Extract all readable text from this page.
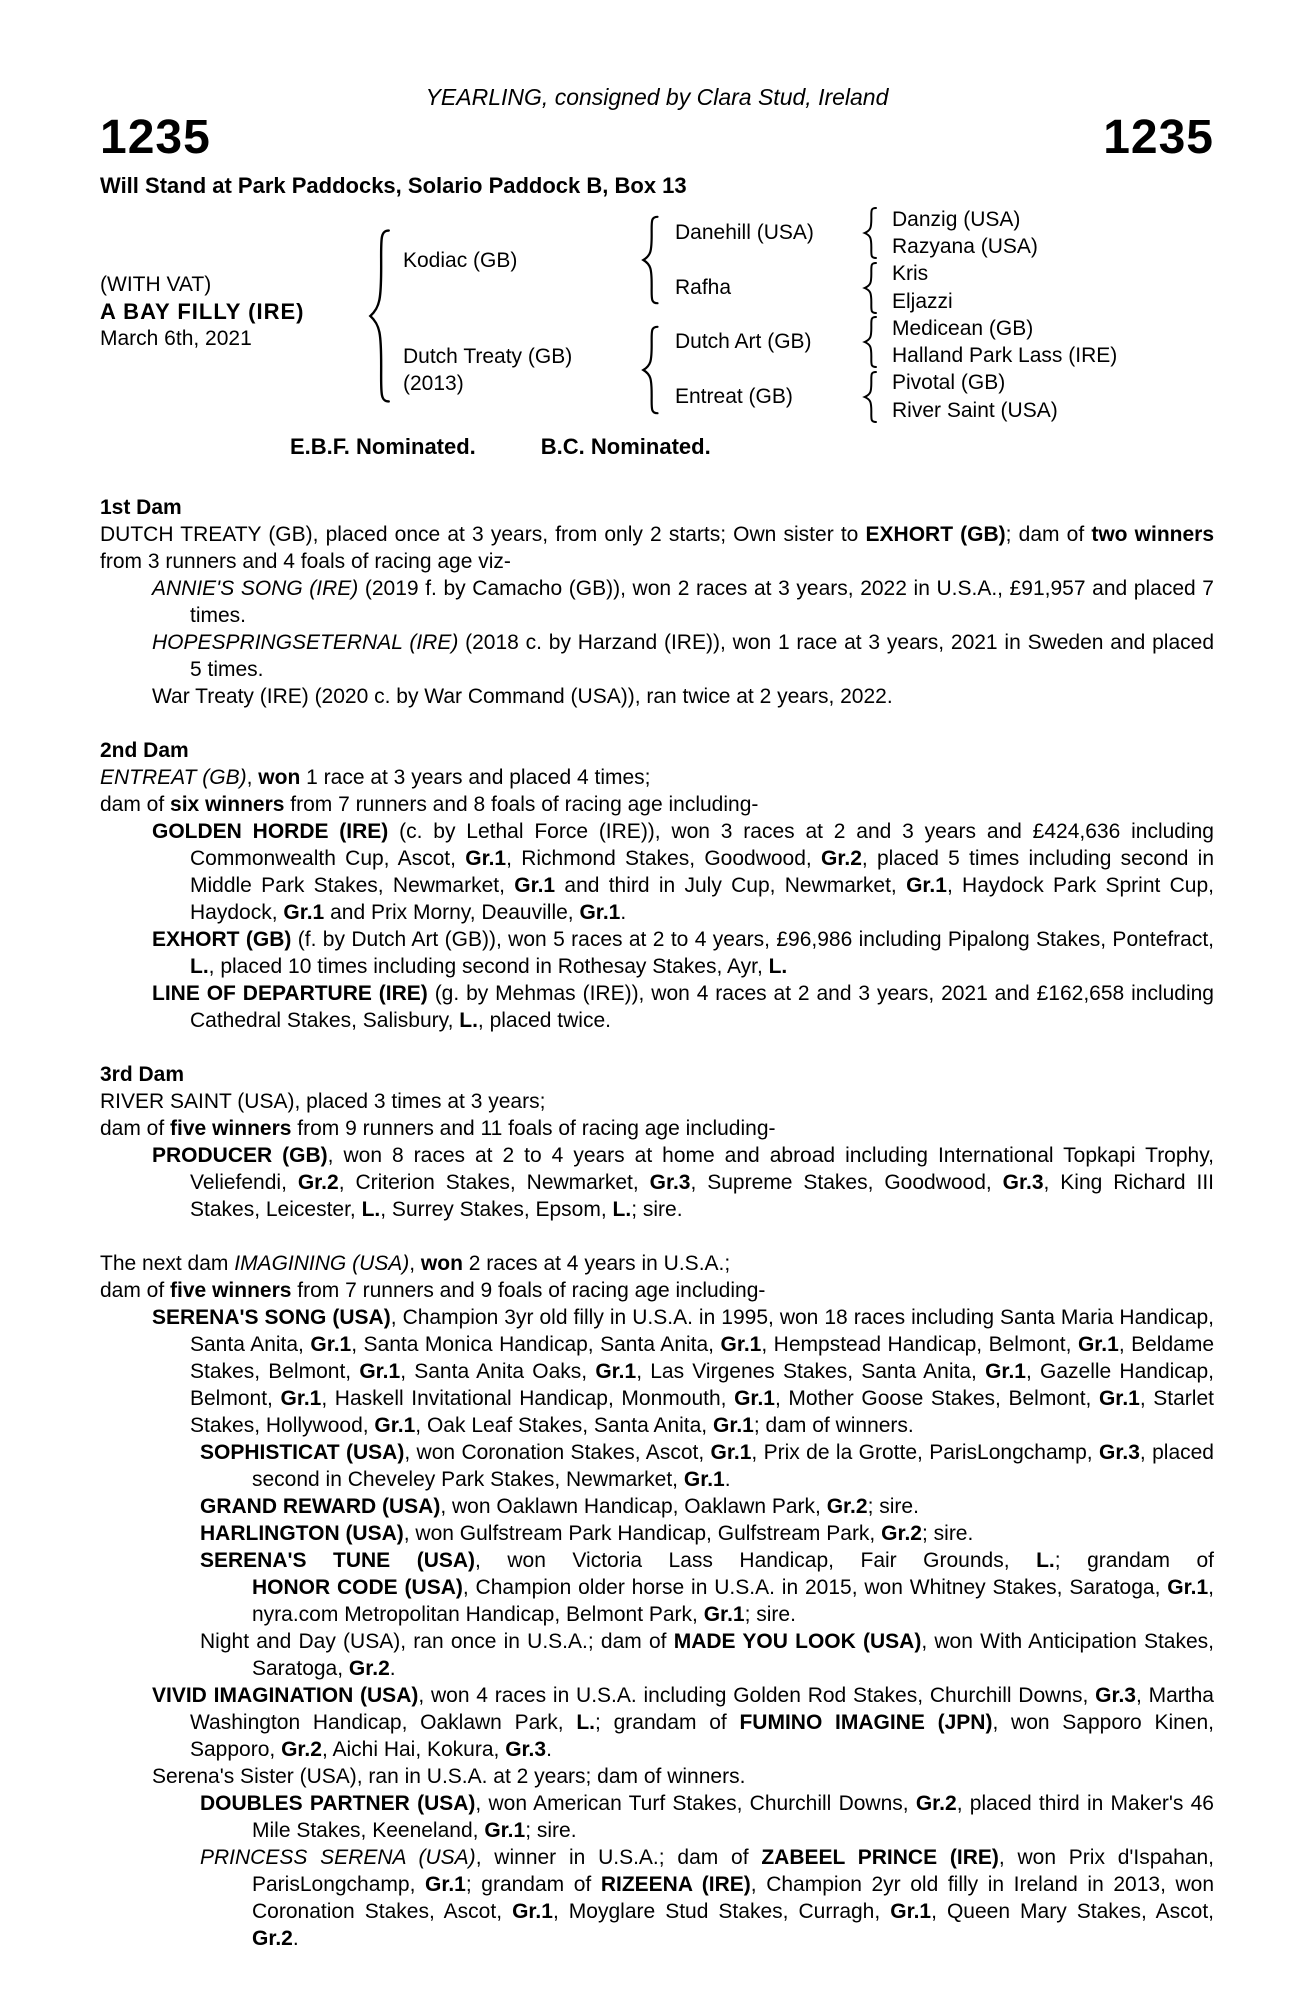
YEARLING, consigned by Clara Stud, Ireland
1235	1235
Will Stand at Park Paddocks, Solario Paddock B, Box 13
(WITH VAT)
A BAY FILLY (IRE)
March 6th, 2021
Kodiac (GB)
Dutch Treaty (GB)
(2013)
Danehill (USA)
Rafha
Dutch Art (GB)
Entreat (GB)
Danzig (USA)
Razyana (USA)
Kris
Eljazzi
Medicean (GB)
Halland Park Lass (IRE)
Pivotal (GB)
River Saint (USA)
E.B.F. Nominated.	B.C. Nominated.
1st Dam

DUTCH TREATY (GB), placed once at 3 years, from only 2 starts; Own sister to EXHORT (GB); dam of two winners from 3 runners and 4 foals of racing age viz-

ANNIE'S SONG (IRE) (2019 f. by Camacho (GB)), won 2 races at 3 years, 2022 in U.S.A., £91,957 and placed 7 times.

HOPESPRINGSETERNAL (IRE) (2018 c. by Harzand (IRE)), won 1 race at 3 years, 2021 in Sweden and placed 5 times.

War Treaty (IRE) (2020 c. by War Command (USA)), ran twice at 2 years, 2022.

2nd Dam

ENTREAT (GB), won 1 race at 3 years and placed 4 times;

dam of six winners from 7 runners and 8 foals of racing age including-

GOLDEN HORDE (IRE) (c. by Lethal Force (IRE)), won 3 races at 2 and 3 years and £424,636 including Commonwealth Cup, Ascot, Gr.1, Richmond Stakes, Goodwood, Gr.2, placed 5 times including second in Middle Park Stakes, Newmarket, Gr.1 and third in July Cup, Newmarket, Gr.1, Haydock Park Sprint Cup, Haydock, Gr.1 and Prix Morny, Deauville, Gr.1.

EXHORT (GB) (f. by Dutch Art (GB)), won 5 races at 2 to 4 years, £96,986 including Pipalong Stakes, Pontefract, L., placed 10 times including second in Rothesay Stakes, Ayr, L.

LINE OF DEPARTURE (IRE) (g. by Mehmas (IRE)), won 4 races at 2 and 3 years, 2021 and £162,658 including Cathedral Stakes, Salisbury, L., placed twice.

3rd Dam

RIVER SAINT (USA), placed 3 times at 3 years;

dam of five winners from 9 runners and 11 foals of racing age including-

PRODUCER (GB), won 8 races at 2 to 4 years at home and abroad including International Topkapi Trophy, Veliefendi, Gr.2, Criterion Stakes, Newmarket, Gr.3, Supreme Stakes, Goodwood, Gr.3, King Richard III Stakes, Leicester, L., Surrey Stakes, Epsom, L.; sire.

The next dam IMAGINING (USA), won 2 races at 4 years in U.S.A.;

dam of five winners from 7 runners and 9 foals of racing age including-

SERENA'S SONG (USA), Champion 3yr old filly in U.S.A. in 1995, won 18 races including Santa Maria Handicap, Santa Anita, Gr.1, Santa Monica Handicap, Santa Anita, Gr.1, Hempstead Handicap, Belmont, Gr.1, Beldame Stakes, Belmont, Gr.1, Santa Anita Oaks, Gr.1, Las Virgenes Stakes, Santa Anita, Gr.1, Gazelle Handicap, Belmont, Gr.1, Haskell Invitational Handicap, Monmouth, Gr.1, Mother Goose Stakes, Belmont, Gr.1, Starlet Stakes, Hollywood, Gr.1, Oak Leaf Stakes, Santa Anita, Gr.1; dam of winners.

SOPHISTICAT (USA), won Coronation Stakes, Ascot, Gr.1, Prix de la Grotte, ParisLongchamp, Gr.3, placed second in Cheveley Park Stakes, Newmarket, Gr.1.

GRAND REWARD (USA), won Oaklawn Handicap, Oaklawn Park, Gr.2; sire.

HARLINGTON (USA), won Gulfstream Park Handicap, Gulfstream Park, Gr.2; sire.

SERENA'S TUNE (USA), won Victoria Lass Handicap, Fair Grounds, L.; grandam of

HONOR CODE (USA), Champion older horse in U.S.A. in 2015, won Whitney Stakes, Saratoga, Gr.1, nyra.com Metropolitan Handicap, Belmont Park, Gr.1; sire.

Night and Day (USA), ran once in U.S.A.; dam of MADE YOU LOOK (USA), won With Anticipation Stakes, Saratoga, Gr.2.

VIVID IMAGINATION (USA), won 4 races in U.S.A. including Golden Rod Stakes, Churchill Downs, Gr.3, Martha Washington Handicap, Oaklawn Park, L.; grandam of FUMINO IMAGINE (JPN), won Sapporo Kinen, Sapporo, Gr.2, Aichi Hai, Kokura, Gr.3.

Serena's Sister (USA), ran in U.S.A. at 2 years; dam of winners.

DOUBLES PARTNER (USA), won American Turf Stakes, Churchill Downs, Gr.2, placed third in Maker's 46 Mile Stakes, Keeneland, Gr.1; sire.

PRINCESS SERENA (USA), winner in U.S.A.; dam of ZABEEL PRINCE (IRE), won Prix d'Ispahan, ParisLongchamp, Gr.1; grandam of RIZEENA (IRE), Champion 2yr old filly in Ireland in 2013, won Coronation Stakes, Ascot, Gr.1, Moyglare Stud Stakes, Curragh, Gr.1, Queen Mary Stakes, Ascot, Gr.2.
